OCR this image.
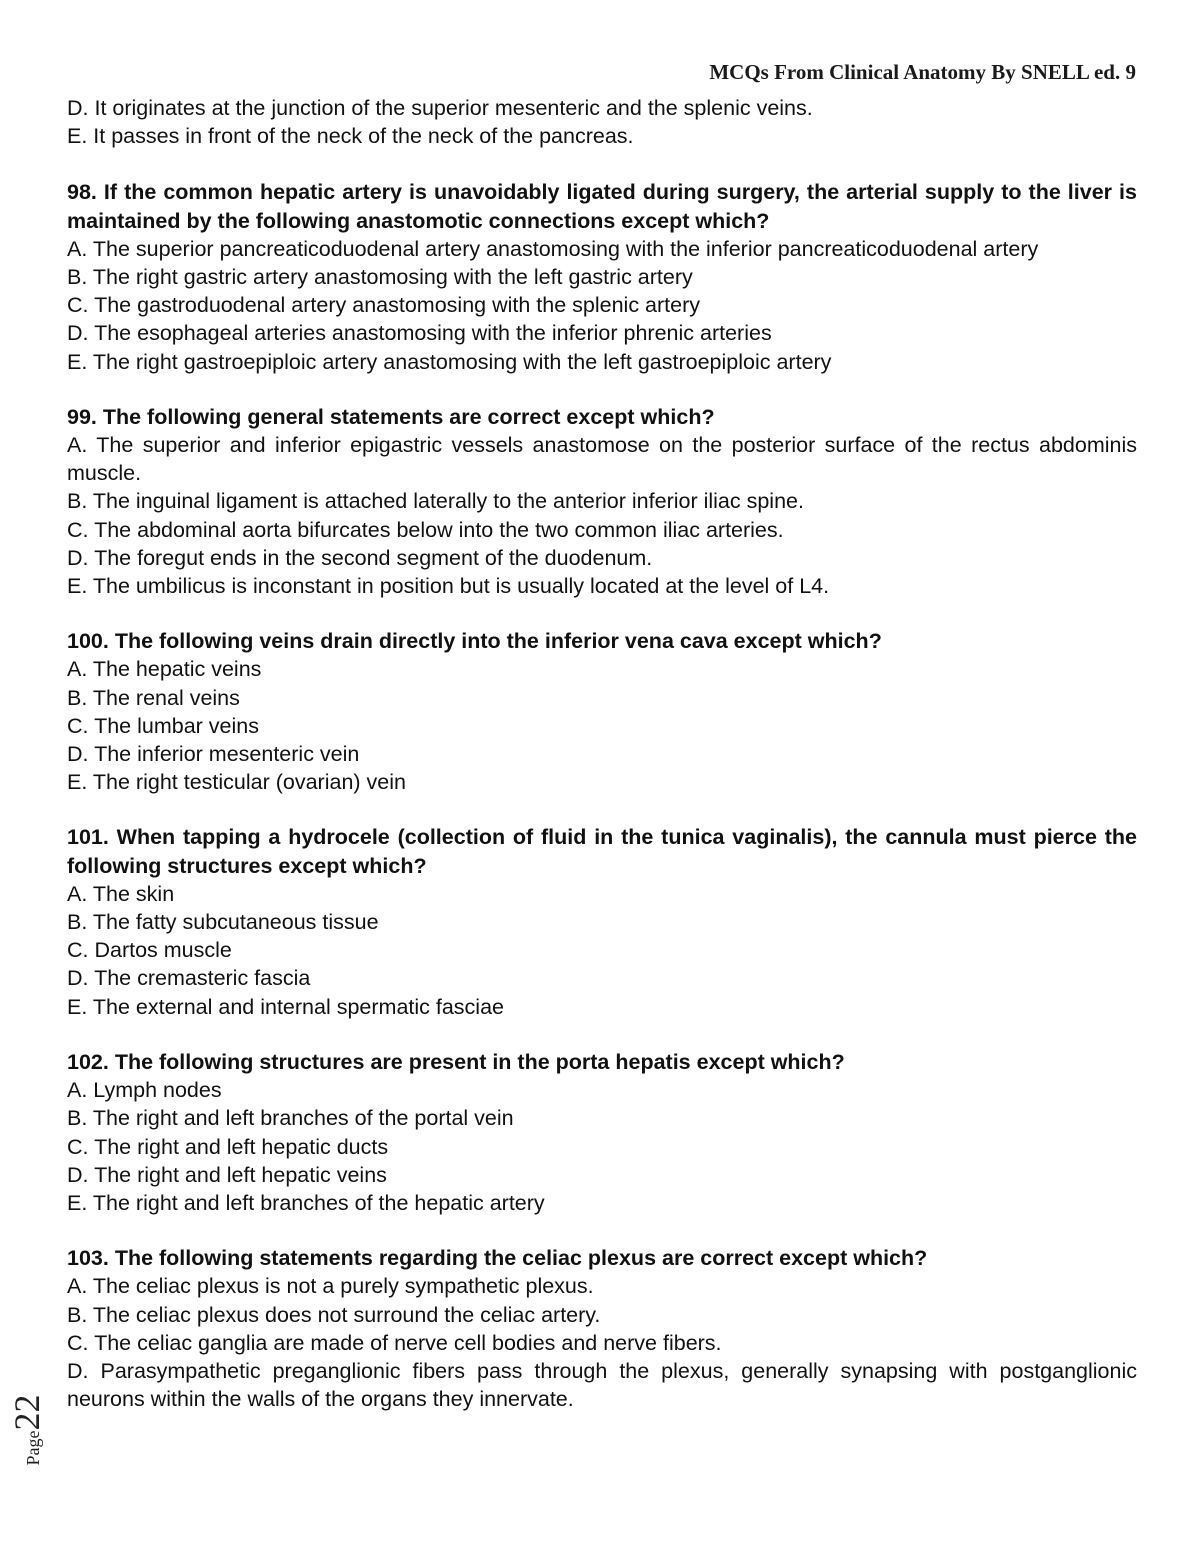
MCQs From Clinical Anatomy By SNELL ed. 9
D. It originates at the junction of the superior mesenteric and the splenic veins.
E. It passes in front of the neck of the neck of the pancreas.
98. If the common hepatic artery is unavoidably ligated during surgery, the arterial supply to the liver is maintained by the following anastomotic connections except which?
A. The superior pancreaticoduodenal artery anastomosing with the inferior pancreaticoduodenal artery
B. The right gastric artery anastomosing with the left gastric artery
C. The gastroduodenal artery anastomosing with the splenic artery
D. The esophageal arteries anastomosing with the inferior phrenic arteries
E. The right gastroepiploic artery anastomosing with the left gastroepiploic artery
99. The following general statements are correct except which?
A. The superior and inferior epigastric vessels anastomose on the posterior surface of the rectus abdominis muscle.
B. The inguinal ligament is attached laterally to the anterior inferior iliac spine.
C. The abdominal aorta bifurcates below into the two common iliac arteries.
D. The foregut ends in the second segment of the duodenum.
E. The umbilicus is inconstant in position but is usually located at the level of L4.
100. The following veins drain directly into the inferior vena cava except which?
A. The hepatic veins
B. The renal veins
C. The lumbar veins
D. The inferior mesenteric vein
E. The right testicular (ovarian) vein
101. When tapping a hydrocele (collection of fluid in the tunica vaginalis), the cannula must pierce the following structures except which?
A. The skin
B. The fatty subcutaneous tissue
C. Dartos muscle
D. The cremasteric fascia
E. The external and internal spermatic fasciae
102. The following structures are present in the porta hepatis except which?
A. Lymph nodes
B. The right and left branches of the portal vein
C. The right and left hepatic ducts
D. The right and left hepatic veins
E. The right and left branches of the hepatic artery
103. The following statements regarding the celiac plexus are correct except which?
A. The celiac plexus is not a purely sympathetic plexus.
B. The celiac plexus does not surround the celiac artery.
C. The celiac ganglia are made of nerve cell bodies and nerve fibers.
D. Parasympathetic preganglionic fibers pass through the plexus, generally synapsing with postganglionic neurons within the walls of the organs they innervate.
Page22
